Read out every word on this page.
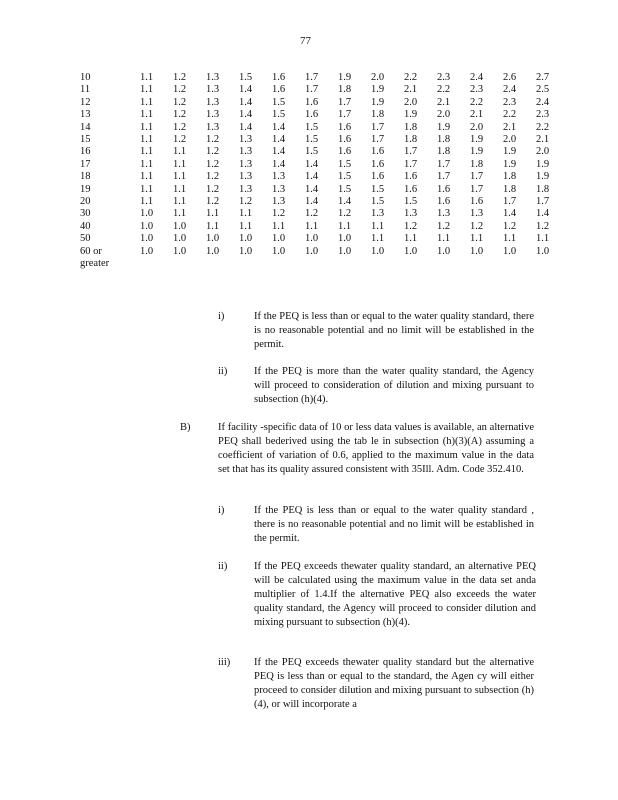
77
10	1.1	1.2	1.3	1.5	1.6	1.7	1.9	2.0	2.2	2.3	2.4	2.6	2.7
11	1.1	1.2	1.3	1.4	1.6	1.7	1.8	1.9	2.1	2.2	2.3	2.4	2.5
12	1.1	1.2	1.3	1.4	1.5	1.6	1.7	1.9	2.0	2.1	2.2	2.3	2.4
13	1.1	1.2	1.3	1.4	1.5	1.6	1.7	1.8	1.9	2.0	2.1	2.2	2.3
14	1.1	1.2	1.3	1.4	1.4	1.5	1.6	1.7	1.8	1.9	2.0	2.1	2.2
15	1.1	1.2	1.2	1.3	1.4	1.5	1.6	1.7	1.8	1.8	1.9	2.0	2.1
16	1.1	1.1	1.2	1.3	1.4	1.5	1.6	1.6	1.7	1.8	1.9	1.9	2.0
17	1.1	1.1	1.2	1.3	1.4	1.4	1.5	1.6	1.7	1.7	1.8	1.9	1.9
18	1.1	1.1	1.2	1.3	1.3	1.4	1.5	1.6	1.6	1.7	1.7	1.8	1.9
19	1.1	1.1	1.2	1.3	1.3	1.4	1.5	1.5	1.6	1.6	1.7	1.8	1.8
20	1.1	1.1	1.2	1.2	1.3	1.4	1.4	1.5	1.5	1.6	1.6	1.7	1.7
30	1.0	1.1	1.1	1.1	1.2	1.2	1.2	1.3	1.3	1.3	1.3	1.4	1.4
40	1.0	1.0	1.1	1.1	1.1	1.1	1.1	1.1	1.2	1.2	1.2	1.2	1.2
50	1.0	1.0	1.0	1.0	1.0	1.0	1.0	1.1	1.1	1.1	1.1	1.1	1.1
60 or greater	1.0	1.0	1.0	1.0	1.0	1.0	1.0	1.0	1.0	1.0	1.0	1.0	1.0
i)	If the PEQ is less than or equal to the water quality standard, there is no reasonable potential and no limit will be established in the permit.
ii)	If the PEQ is more than the water quality standard, the Agency will proceed to consideration of dilution and mixing pursuant to subsection (h)(4).
B)	If facility -specific data of 10 or less data values is available, an alternative PEQ shall bederived using the tab le in subsection (h)(3)(A) assuming a coefficient of variation of 0.6, applied to the maximum value in the data set that has its quality assured consistent with 35Ill. Adm. Code 352.410.
i)	If the PEQ is less than or equal to the water quality standard , there is no reasonable potential and no limit will be established in the permit.
ii)	If the PEQ exceeds thewater quality standard, an alternative PEQ will be calculated using the maximum value in the data set anda multiplier of 1.4.If the alternative PEQ also exceeds the water quality standard, the Agency will proceed to consider dilution and mixing pursuant to subsection (h)(4).
iii) If the PEQ exceeds thewater quality standard but the alternative PEQ is less than or equal to the standard, the Agen cy will either proceed to consider dilution and mixing pursuant to subsection (h)(4), or will incorporate a
